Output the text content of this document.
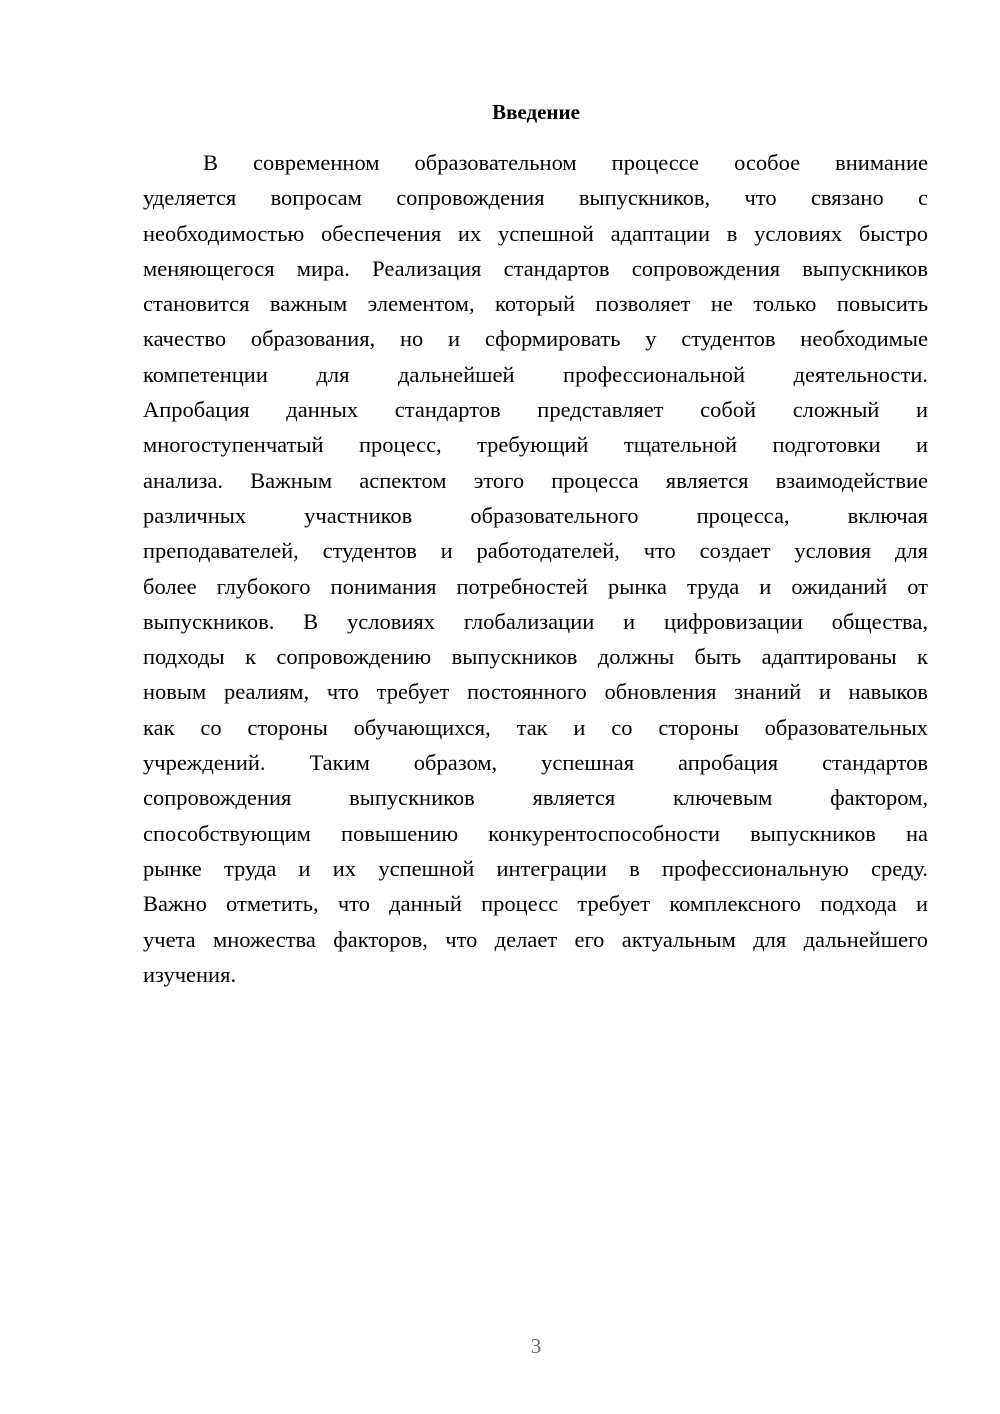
Введение
В современном образовательном процессе особое внимание
уделяется вопросам сопровождения выпускников, что связано с
необходимостью обеспечения их успешной адаптации в условиях быстро
меняющегося мира. Реализация стандартов сопровождения выпускников
становится важным элементом, который позволяет не только повысить
качество образования, но и сформировать у студентов необходимые
компетенции для дальнейшей профессиональной деятельности.
Апробация данных стандартов представляет собой сложный и
многоступенчатый процесс, требующий тщательной подготовки и
анализа. Важным аспектом этого процесса является взаимодействие
различных участников образовательного процесса, включая
преподавателей, студентов и работодателей, что создает условия для
более глубокого понимания потребностей рынка труда и ожиданий от
выпускников. В условиях глобализации и цифровизации общества,
подходы к сопровождению выпускников должны быть адаптированы к
новым реалиям, что требует постоянного обновления знаний и навыков
как со стороны обучающихся, так и со стороны образовательных
учреждений. Таким образом, успешная апробация стандартов
сопровождения выпускников является ключевым фактором,
способствующим повышению конкурентоспособности выпускников на
рынке труда и их успешной интеграции в профессиональную среду.
Важно отметить, что данный процесс требует комплексного подхода и
учета множества факторов, что делает его актуальным для дальнейшего
изучения.
3
